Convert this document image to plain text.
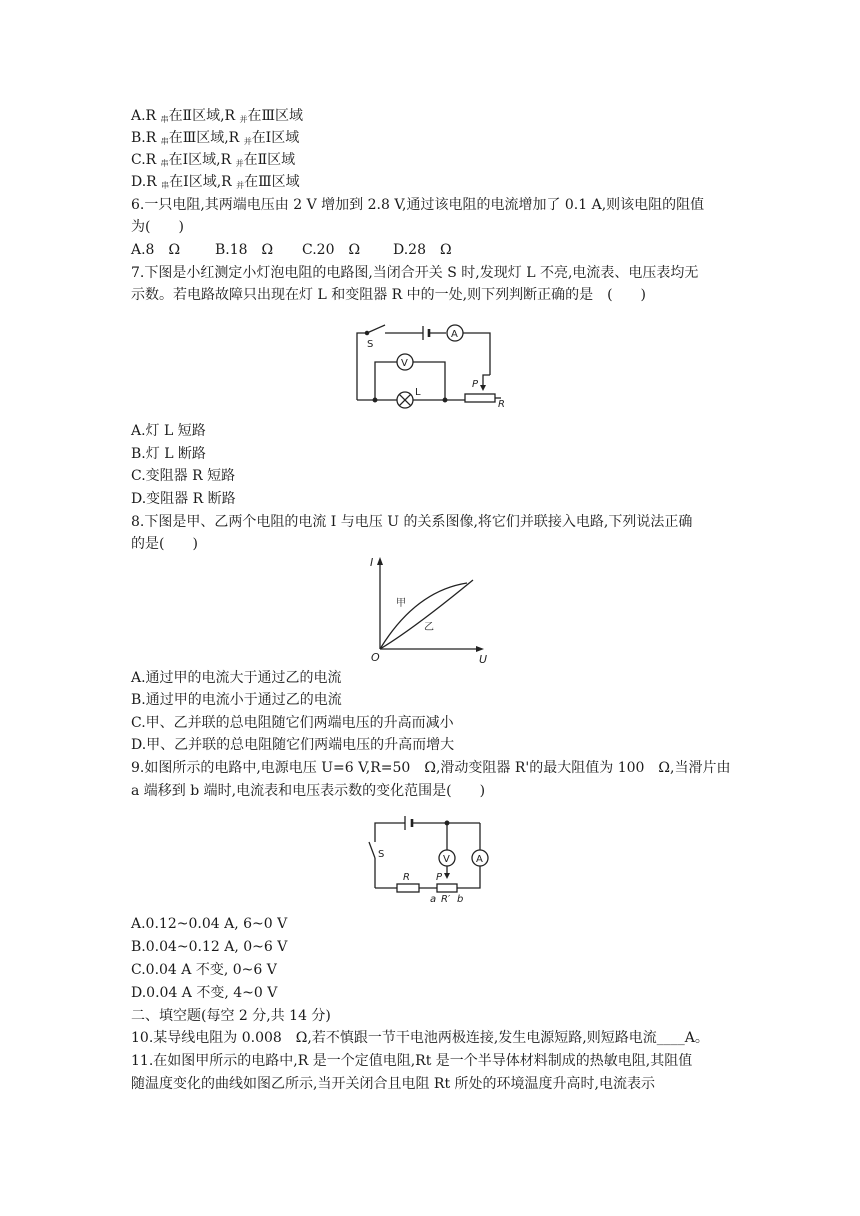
A.R $_串$在Ⅱ区域,R $_并$在Ⅲ区域
B.R $_串$在Ⅲ区域,R $_并$在Ⅰ区域
C.R $_串$在Ⅰ区域,R $_并$在Ⅱ区域
D.R $_串$在Ⅰ区域,R $_并$在Ⅲ区域
6.一只电阻,其两端电压由 2 V 增加到 2.8 V,通过该电阻的电流增加了 0.1 A,则该电阻的阻值
为(　　)
A.8　Ω B.18　Ω C.20　Ω D.28　Ω
7.下图是小红测定小灯泡电阻的电路图,当闭合开关 S 时,发现灯 L 不亮,电流表、电压表均无
示数。若电路故障只出现在灯 L 和变阻器 R 中的一处,则下列判断正确的是　(　　)
S
A
V
L
P
R
A.灯 L 短路
B.灯 L 断路
C.变阻器 R 短路
D.变阻器 R 断路
8.下图是甲、乙两个电阻的电流 I 与电压 U 的关系图像,将它们并联接入电路,下列说法正确
的是(　　)
I
U
O
甲
乙
A.通过甲的电流大于通过乙的电流
B.通过甲的电流小于通过乙的电流
C.甲、乙并联的总电阻随它们两端电压的升高而减小
D.甲、乙并联的总电阻随它们两端电压的升高而增大
9.如图所示的电路中,电源电压 U=6 V,R=50　Ω,滑动变阻器 R'的最大阻值为 100　Ω,当滑片由
a 端移到 b 端时,电流表和电压表示数的变化范围是(　　)
S	V	A
R	P
a R′ b
A.0.12~0.04 A, 6~0 V
B.0.04~0.12 A, 0~6 V
C.0.04 A 不变, 0~6 V
D.0.04 A 不变, 4~0 V
二、填空题(每空 2 分,共 14 分)
10.某导线电阻为 0.008　Ω,若不慎跟一节干电池两极连接,发生电源短路,则短路电流____A。
11.在如图甲所示的电路中,R 是一个定值电阻,Rt 是一个半导体材料制成的热敏电阻,其阻值
随温度变化的曲线如图乙所示,当开关闭合且电阻 Rt 所处的环境温度升高时,电流表示
